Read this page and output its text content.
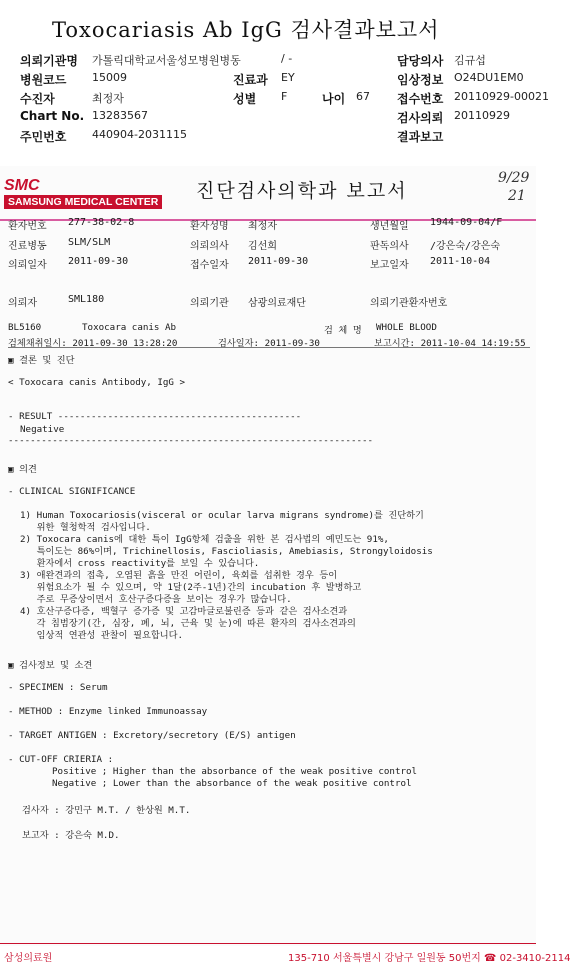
Toxocariasis Ab IgG 검사결과보고서
의뢰기관명 가톨릭대학교서울성모병원병동	/ -	담당의사 김규섭
병원코드 15009	진료과 EY	임상정보 O24DU1EM0
수진자	최정자	성별 F	나이 67 접수번호 20110929-00021
Chart No. 13283567	검사의뢰 20110929
주민번호 440904-2031115	결과보고
SMC
SAMSUNG MEDICAL CENTER 진단검사의학과 보고서
9/29
21
환자번호 277-38-02-8	환자성명 최정자	생년월일 1944-09-04/F
진료병동 SLM/SLM	의뢰의사 김선희	판독의사 /강은숙/강은숙
의뢰일자 2011-09-30	접수일자 2011-09-30	보고일자 2011-10-04
의뢰자	SML180	의뢰기관 삼광의료재단	의뢰기관환자번호
BL5160	Toxocara canis Ab	검 체 명 WHOLE BLOOD
검체채취일시: 2011-09-30 13:28:20	검사일자: 2011-09-30	보고시간: 2011-10-04 14:19:55
▣ 결론 및 진단
< Toxocara canis Antibody, IgG >
- RESULT --------------------------------------------
Negative
------------------------------------------------------------------
▣ 의견
- CLINICAL SIGNIFICANCE
1) Human Toxocariosis(visceral or ocular larva migrans syndrome)를 진단하기
위한 혈청학적 검사입니다.
2) Toxocara canis에 대한 특이 IgG항체 검출을 위한 본 검사법의 예민도는 91%,
특이도는 86%이며, Trichinellosis, Fascioliasis, Amebiasis, Strongyloidosis
환자에서 cross reactivity를 보일 수 있습니다.
3) 애완견과의 접촉, 오염된 흙을 만진 어린이, 육회를 섭취한 경우 등이
위험요소가 될 수 있으며, 약 1달(2주-1년)간의 incubation 후 발병하고
주로 무증상이면서 호산구증다증을 보이는 경우가 많습니다.
4) 호산구증다증, 백혈구 증가증 및 고감마글로불린증 등과 같은 검사소견과
각 침범장기(간, 심장, 폐, 뇌, 근육 및 눈)에 따른 환자의 검사소견과의
임상적 연관성 관찰이 필요합니다.
▣ 검사정보 및 소견
- SPECIMEN : Serum
- METHOD : Enzyme linked Immunoassay
- TARGET ANTIGEN : Excretory/secretory (E/S) antigen
- CUT-OFF CRIERIA :
Positive ; Higher than the absorbance of the weak positive control
Negative ; Lower than the absorbance of the weak positive control
검사자 : 강민구 M.T. / 한상원 M.T.
보고자 : 강은숙 M.D.
삼성의료원	135-710 서울특별시 강남구 일원동 50번지 ☎ 02-3410-2114
